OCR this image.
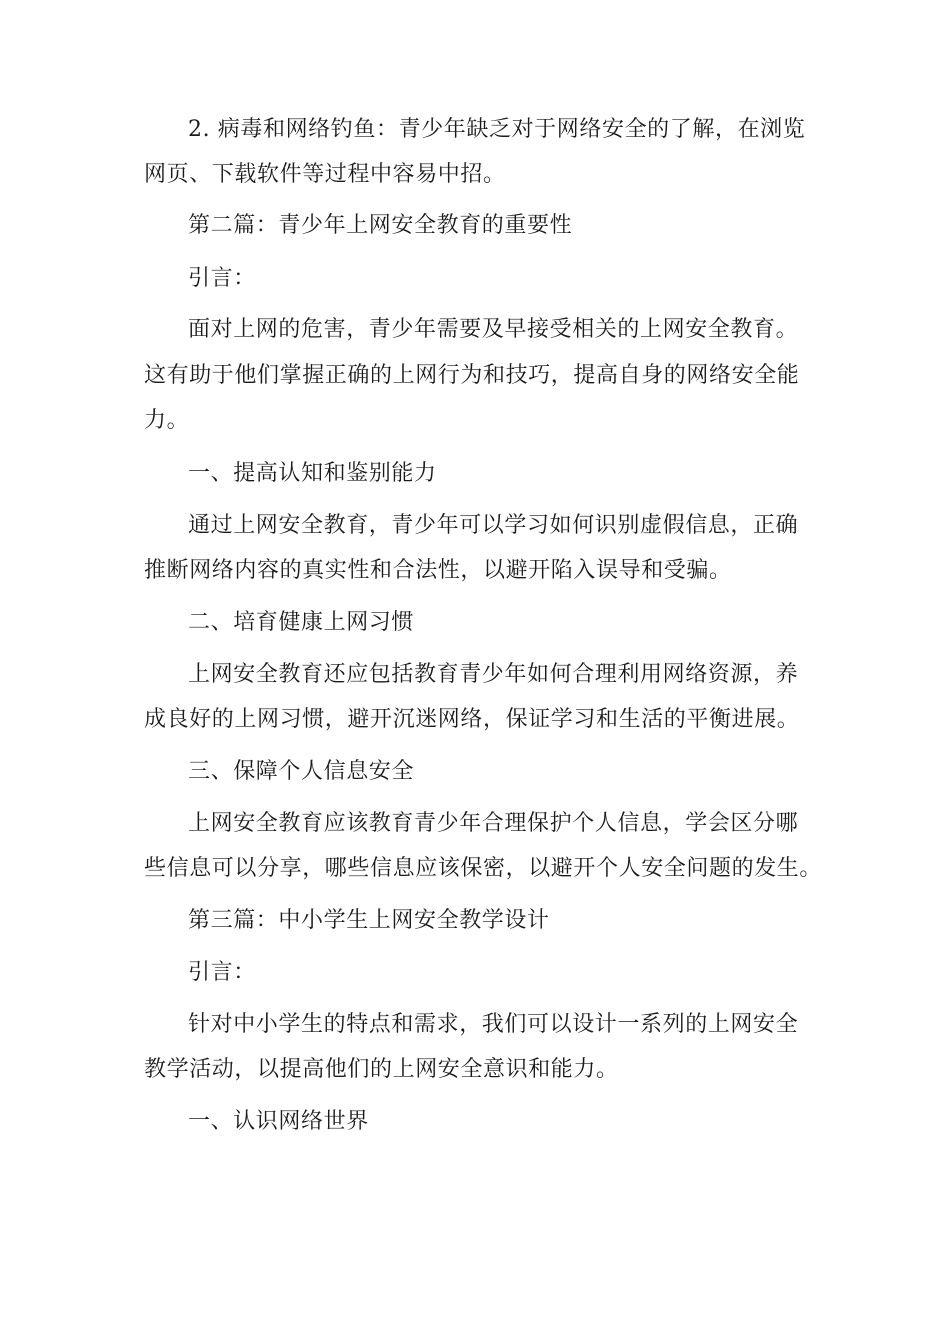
2. 病毒和网络钓鱼：青少年缺乏对于网络安全的了解，在浏览
网页、下载软件等过程中容易中招。
第二篇：青少年上网安全教育的重要性
引言：
面对上网的危害，青少年需要及早接受相关的上网安全教育。
这有助于他们掌握正确的上网行为和技巧，提高自身的网络安全能
力。
一、提高认知和鉴别能力
通过上网安全教育，青少年可以学习如何识别虚假信息，正确
推断网络内容的真实性和合法性，以避开陷入误导和受骗。
二、培育健康上网习惯
上网安全教育还应包括教育青少年如何合理利用网络资源，养
成良好的上网习惯，避开沉迷网络，保证学习和生活的平衡进展。
三、保障个人信息安全
上网安全教育应该教育青少年合理保护个人信息，学会区分哪
些信息可以分享，哪些信息应该保密，以避开个人安全问题的发生。
第三篇：中小学生上网安全教学设计
引言：
针对中小学生的特点和需求，我们可以设计一系列的上网安全
教学活动，以提高他们的上网安全意识和能力。
一、认识网络世界
